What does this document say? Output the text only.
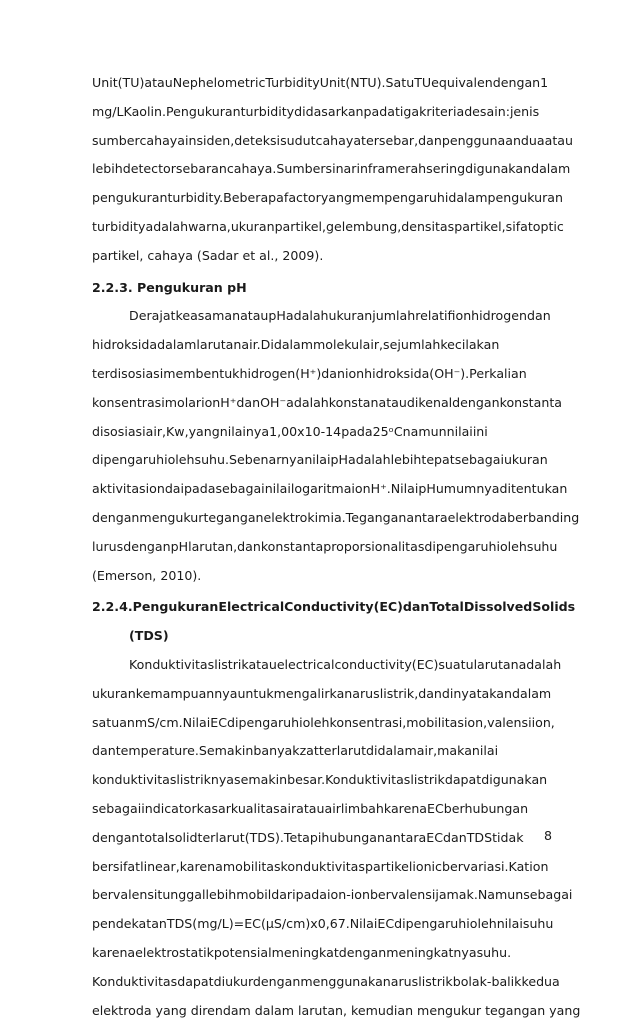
Unit(TU)atauNephelometricTurbidityUnit(NTU).SatuTUequivalendengan1
mg/LKaolin.Pengukuranturbiditydidasarkanpadatigakriteriadesain:jenis
sumbercahayainsiden,deteksisudutcahayatersebar,danpenggunaanduaatau
lebihdetectorsebarancahaya.Sumbersinarinframerahseringdigunakandalam
pengukuranturbidity.Beberapafactoryangmempengaruhidalampengukuran
turbidityadalahwarna,ukuranpartikel,gelembung,densitaspartikel,sifatoptic
partikel, cahaya (Sadar et al., 2009).
2.2.3. Pengukuran pH
DerajatkeasamanataupHadalahukuranjumlahrelatifionhidrogendan
hidroksidadalamlarutanair.Didalammolekulair,sejumlahkecilakan
terdisosiasimembentukhidrogen(H⁺)danionhidroksida(OH⁻).Perkalian
konsentrasimolarionH⁺danOH⁻adalahkonstanataudikenaldengankonstanta
disosiasiair,Kw,yangnilainya1,00x10-14pada25ᵒCnamunnilaiini
dipengaruhiolehsuhu.SebenarnyanilaipHadalahlebihtepatsebagaiukuran
aktivitasiondaipadasebagainilailogaritmaionH⁺.NilaipHumumnyaditentukan
denganmengukurteganganelektrokimia.Teganganantaraelektrodaberbanding
lurusdenganpHlarutan,dankonstantaproporsionalitasdipengaruhiolehsuhu
(Emerson, 2010).
2.2.4. Pengukuran Electrical Conductivity (EC) dan Total Dissolved Solids
(TDS)
Konduktivitaslistrikatauelectricalconductivity(EC)suatularutanadalah
ukurankemampuannyauntukmengalirkanaruslistrik,dandinyatakandalam
satuanmS/cm.NilaiECdipengaruhiolehkonsentrasi,mobilitasion,valensiion,
dantemperature.Semakinbanyakzatterlarutdidalamair,makanilai
konduktivitaslistriknyasemakinbesar.Konduktivitaslistrikdapatdigunakan
sebagaiindicatorkasarkualitasairatauairlimbahkarenaECberhubungan
dengantotalsolidterlarut(TDS).TetapihubunganantaraECdanTDStidak
bersifatlinear,karenamobilitaskonduktivitaspartikelionicbervariasi.Kation
bervalensitunggallebihmobildaripadaion-ionbervalensijamak.Namunsebagai
pendekatanTDS(mg/L)=EC(µS/cm)x0,67.NilaiECdipengaruhiolehnilaisuhu
karenaelektrostatikpotensialmeningkatdenganmeningkatnyasuhu.
Konduktivitasdapatdiukurdenganmenggunakanaruslistrikbolak-balikkedua
elektroda yang direndam dalam larutan, kemudian mengukur tegangan yang
8
